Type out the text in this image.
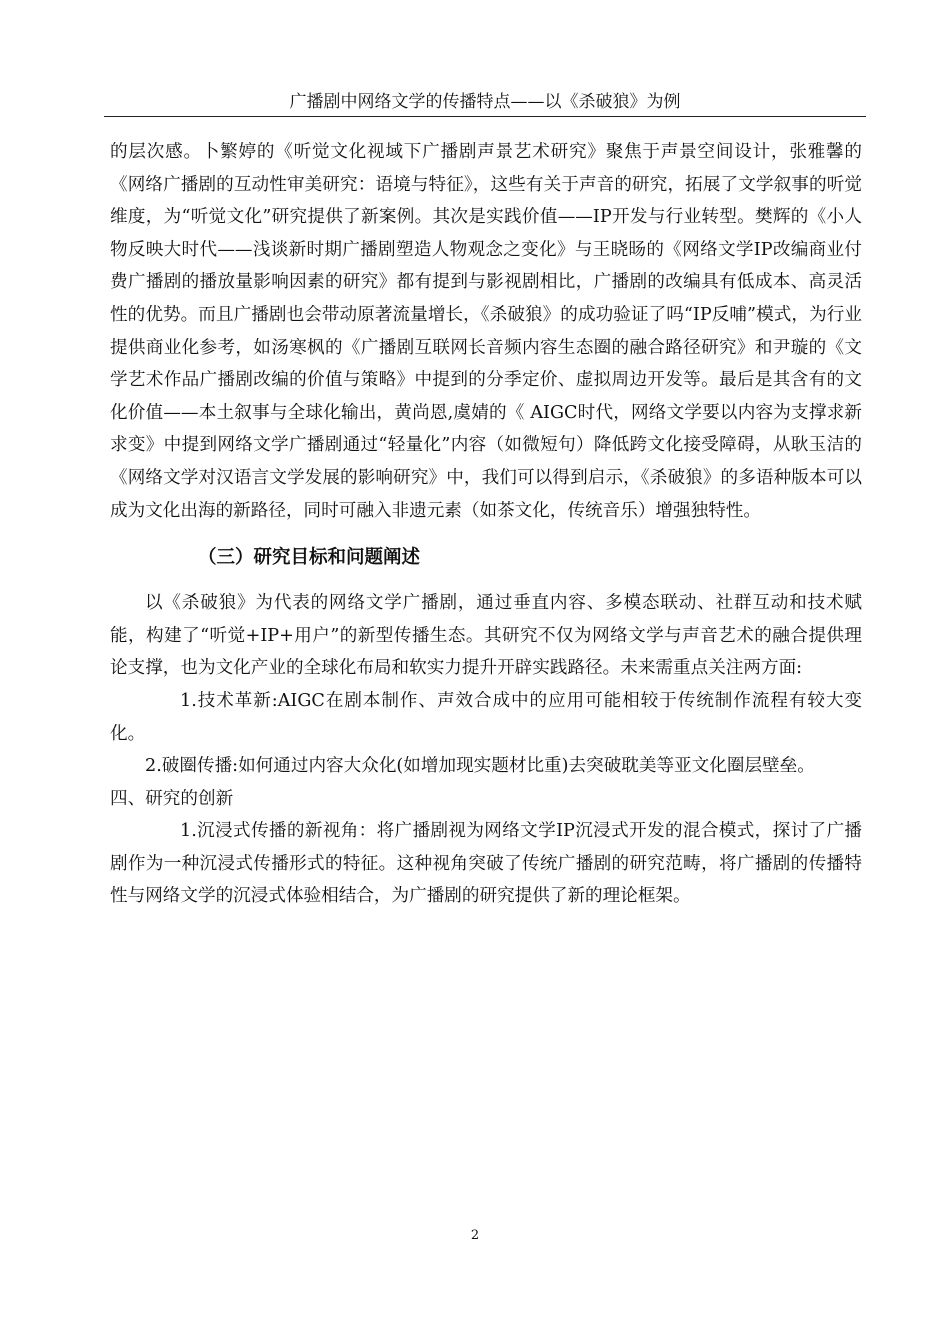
广播剧中网络文学的传播特点——以《杀破狼》为例

的层次感。卜繁婷的《听觉文化视域下广播剧声景艺术研究》聚焦于声景空间设计，张雅馨的《网络广播剧的互动性审美研究：语境与特征》，这些有关于声音的研究，拓展了文学叙事的听觉维度，为“听觉文化”研究提供了新案例。其次是实践价值——IP开发与行业转型。樊辉的《小人物反映大时代——浅谈新时期广播剧塑造人物观念之变化》与王晓旸的《网络文学IP改编商业付费广播剧的播放量影响因素的研究》都有提到与影视剧相比，广播剧的改编具有低成本、高灵活性的优势。而且广播剧也会带动原著流量增长，《杀破狼》的成功验证了吗“IP反哺”模式，为行业提供商业化参考，如汤寒枫的《广播剧互联网长音频内容生态圈的融合路径研究》和尹璇的《文学艺术作品广播剧改编的价值与策略》中提到的分季定价、虚拟周边开发等。最后是其含有的文化价值——本土叙事与全球化输出，黄尚恩,虞婧的《 AIGC时代，网络文学要以内容为支撑求新求变》中提到网络文学广播剧通过“轻量化”内容（如微短句）降低跨文化接受障碍，从耿玉洁的《网络文学对汉语言文学发展的影响研究》中，我们可以得到启示，《杀破狼》的多语种版本可以成为文化出海的新路径，同时可融入非遗元素（如茶文化，传统音乐）增强独特性。

（三）研究目标和问题阐述

以《杀破狼》为代表的网络文学广播剧，通过垂直内容、多模态联动、社群互动和技术赋能，构建了“听觉+IP+用户”的新型传播生态。其研究不仅为网络文学与声音艺术的融合提供理论支撑，也为文化产业的全球化布局和软实力提升开辟实践路径。未来需重点关注两方面:

1.技术革新:AIGC在剧本制作、声效合成中的应用可能相较于传统制作流程有较大变化。

2.破圈传播:如何通过内容大众化(如增加现实题材比重)去突破耽美等亚文化圈层壁垒。

四、研究的创新

1.沉浸式传播的新视角：将广播剧视为网络文学IP沉浸式开发的混合模式，探讨了广播剧作为一种沉浸式传播形式的特征。这种视角突破了传统广播剧的研究范畴，将广播剧的传播特性与网络文学的沉浸式体验相结合，为广播剧的研究提供了新的理论框架。

2
